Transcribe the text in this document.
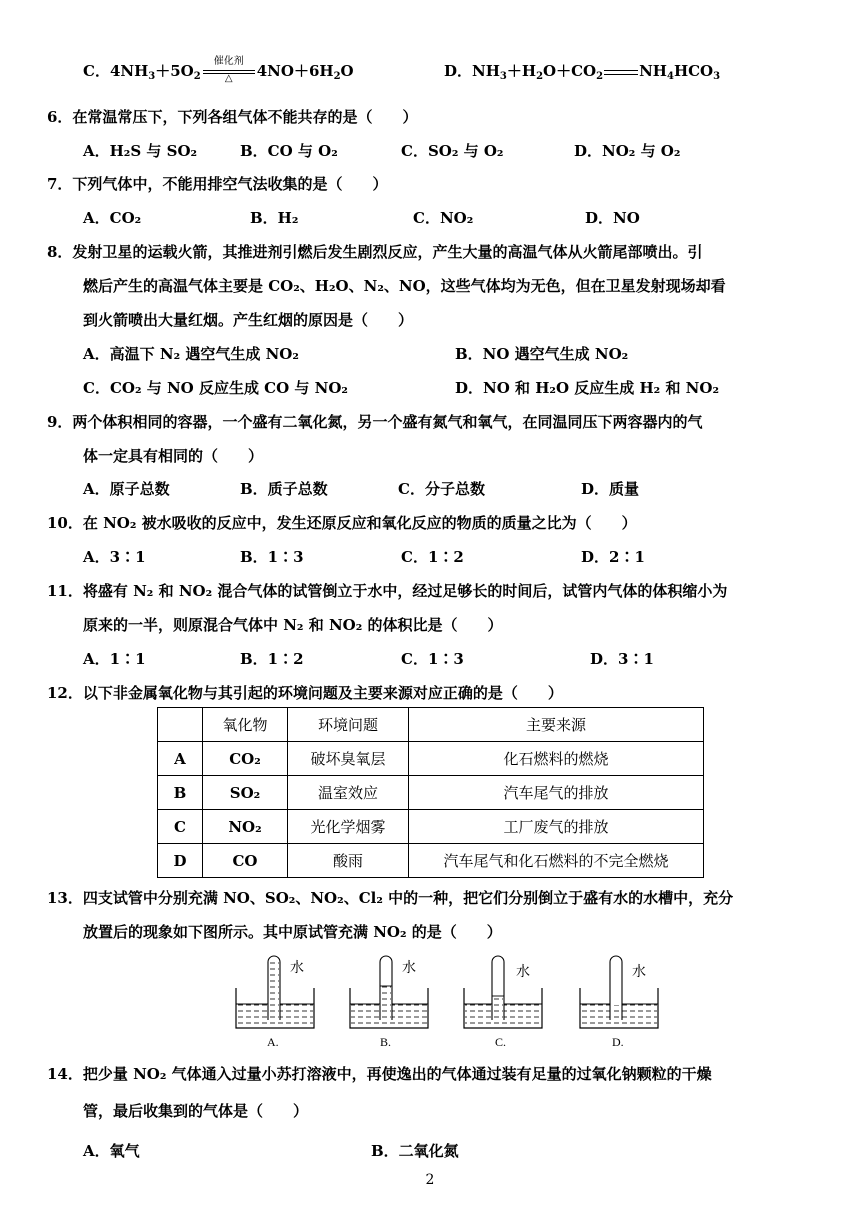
C．$4NH_3+5O_2$
催化剂
△	$4NO+6H_2O$	D．$NH_3+H_2O+CO_2$ $NH_4HCO_3$
6．在常温常压下，下列各组气体不能共存的是（　　）
A．H₂S 与 SO₂	B．CO 与 O₂	C．SO₂ 与 O₂	D．NO₂ 与 O₂
7．下列气体中，不能用排空气法收集的是（　　）
A．CO₂	B．H₂	C．NO₂	D．NO
8．发射卫星的运载火箭，其推进剂引燃后发生剧烈反应，产生大量的高温气体从火箭尾部喷出。引
燃后产生的高温气体主要是 CO₂、H₂O、N₂、NO，这些气体均为无色，但在卫星发射现场却看
到火箭喷出大量红烟。产生红烟的原因是（　　）
A．高温下 N₂ 遇空气生成 NO₂	B．NO 遇空气生成 NO₂
C．CO₂ 与 NO 反应生成 CO 与 NO₂	D．NO 和 H₂O 反应生成 H₂ 和 NO₂
9．两个体积相同的容器，一个盛有二氧化氮，另一个盛有氮气和氧气，在同温同压下两容器内的气
体一定具有相同的（　　）
A．原子总数	B．质子总数	C．分子总数	D．质量
10．在 NO₂ 被水吸收的反应中，发生还原反应和氧化反应的物质的质量之比为（　　）
A．3∶1	B．1∶3	C．1∶2	D．2∶1
11．将盛有 N₂ 和 NO₂ 混合气体的试管倒立于水中，经过足够长的时间后，试管内气体的体积缩小为
原来的一半，则原混合气体中 N₂ 和 NO₂ 的体积比是（　　）
A．1∶1	B．1∶2	C．1∶3	D．3∶1
12．以下非金属氧化物与其引起的环境问题及主要来源对应正确的是（　　）
	氧化物	环境问题	主要来源
A	CO₂	破坏臭氧层	化石燃料的燃烧
B	SO₂	温室效应	汽车尾气的排放
C	NO₂	光化学烟雾	工厂废气的排放
D	CO	酸雨	汽车尾气和化石燃料的不完全燃烧
13．四支试管中分别充满 NO、SO₂、NO₂、Cl₂ 中的一种，把它们分别倒立于盛有水的水槽中，充分
放置后的现象如下图所示。其中原试管充满 NO₂ 的是（　　）
水
A.
水
B.
水
C.
水
D.
14．把少量 NO₂ 气体通入过量小苏打溶液中，再使逸出的气体通过装有足量的过氧化钠颗粒的干燥
管，最后收集到的气体是（　　）
A．氧气	B．二氧化氮
2
